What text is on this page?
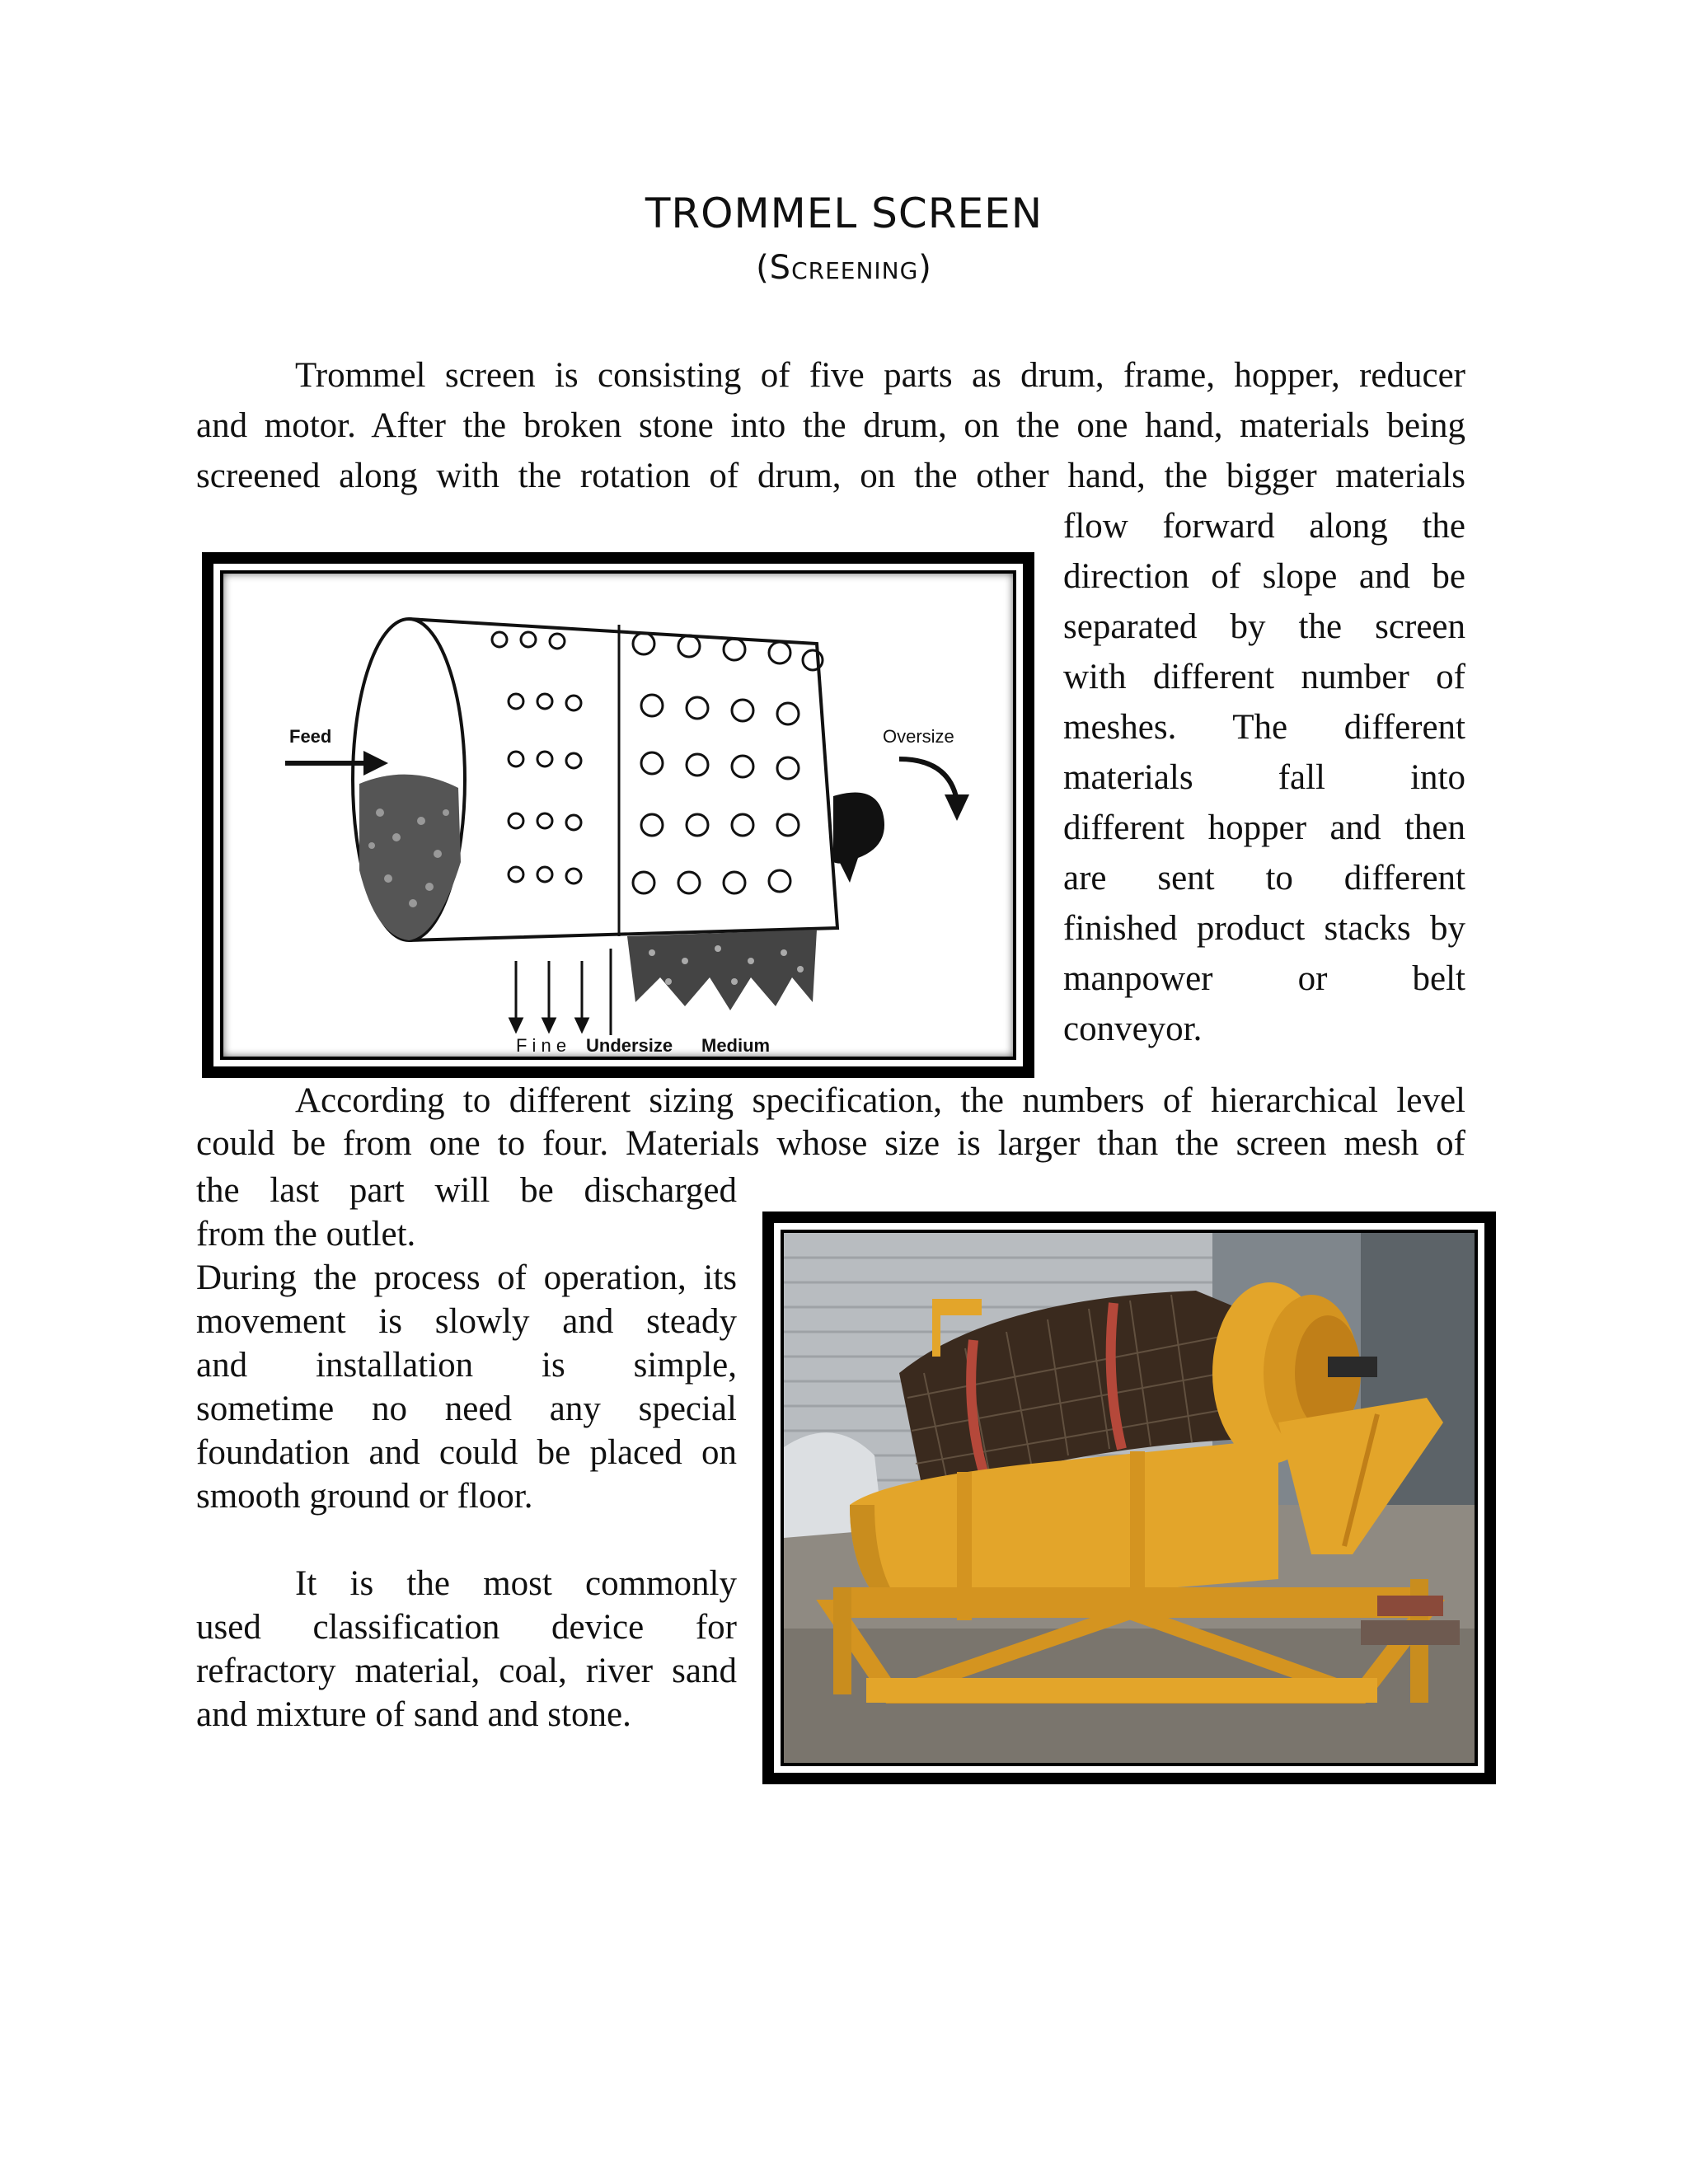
TROMMEL SCREEN
(Screening)
Trommel screen is consisting of five parts as drum, frame, hopper, reducer
and motor. After the broken stone into the drum, on the one hand, materials being
screened along with the rotation of drum, on the other hand, the bigger materials
flow forward along the
direction of slope and be
separated by the screen
with different number of
meshes. The different
materials fall into
different hopper and then
are sent to different
finished product stacks by
manpower or belt
conveyor.
Feed	Oversize
F i n e	Medium
Undersize
According to different sizing specification, the numbers of hierarchical level
could be from one to four. Materials whose size is larger than the screen mesh of
the last part will be discharged
from the outlet.
During the process of operation, its
movement is slowly and steady
and installation is simple,
sometime no need any special
foundation and could be placed on
smooth ground or floor.
It is the most commonly
used classification device for
refractory material, coal, river sand
and mixture of sand and stone.
